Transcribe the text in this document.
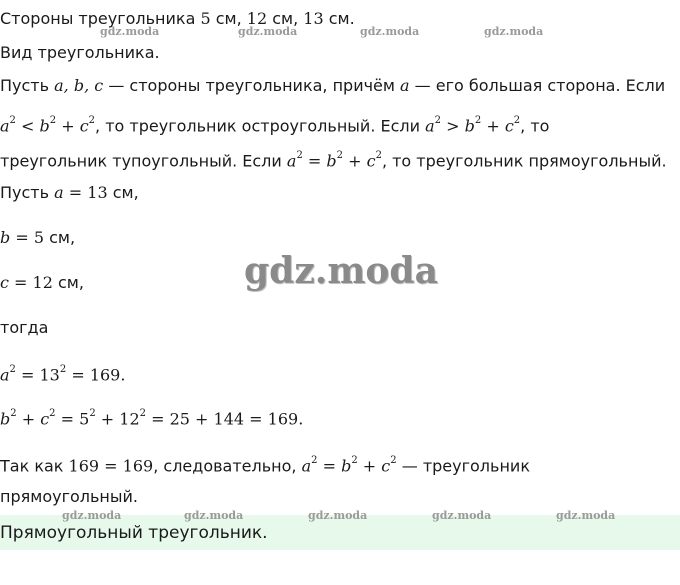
gdz.moda	gdz.moda	gdz.moda	gdz.moda
Стороны треугольника 5 см, 12 см, 13 см.
Вид треугольника.
Пусть a, b, c — стороны треугольника, причём a — его большая сторона. Если
$a^2 < b^2 + c^2$, то треугольник остроугольный. Если $a^2 > b^2 + c^2$, то
треугольник тупоугольный. Если $a^2 = b^2 + c^2$, то треугольник прямоугольный.
Пусть a = 13 см,
b = 5 см,
gdz.moda
c = 12 см,
тогда
$a^2 = 13^2 = 169$.
$b^2 + c^2 = 5^2 + 12^2 = 25 + 144 = 169$.
Так как 169 = 169, следовательно, $a^2 = b^2 + c^2$ — треугольник
прямоугольный.
gdz.moda	gdz.moda	gdz.moda	gdz.moda	gdz.moda
Прямоугольный треугольник.
